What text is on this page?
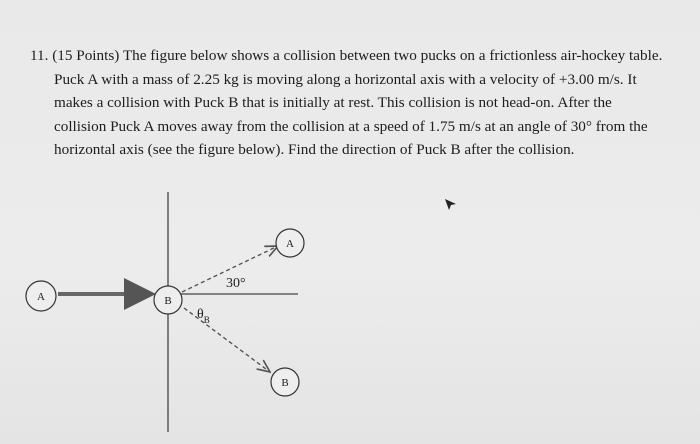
11. (15 Points) The figure below shows a collision between two pucks on a frictionless air-hockey table.

Puck A with a mass of 2.25 kg is moving along a horizontal axis with a velocity of +3.00 m/s. It

makes a collision with Puck B that is initially at rest. This collision is not head-on. After the

collision Puck A moves away from the collision at a speed of 1.75 m/s at an angle of 30° from the

horizontal axis (see the figure below). Find the direction of Puck B after the collision.

A	B
A
B
30°
$\theta_B$
